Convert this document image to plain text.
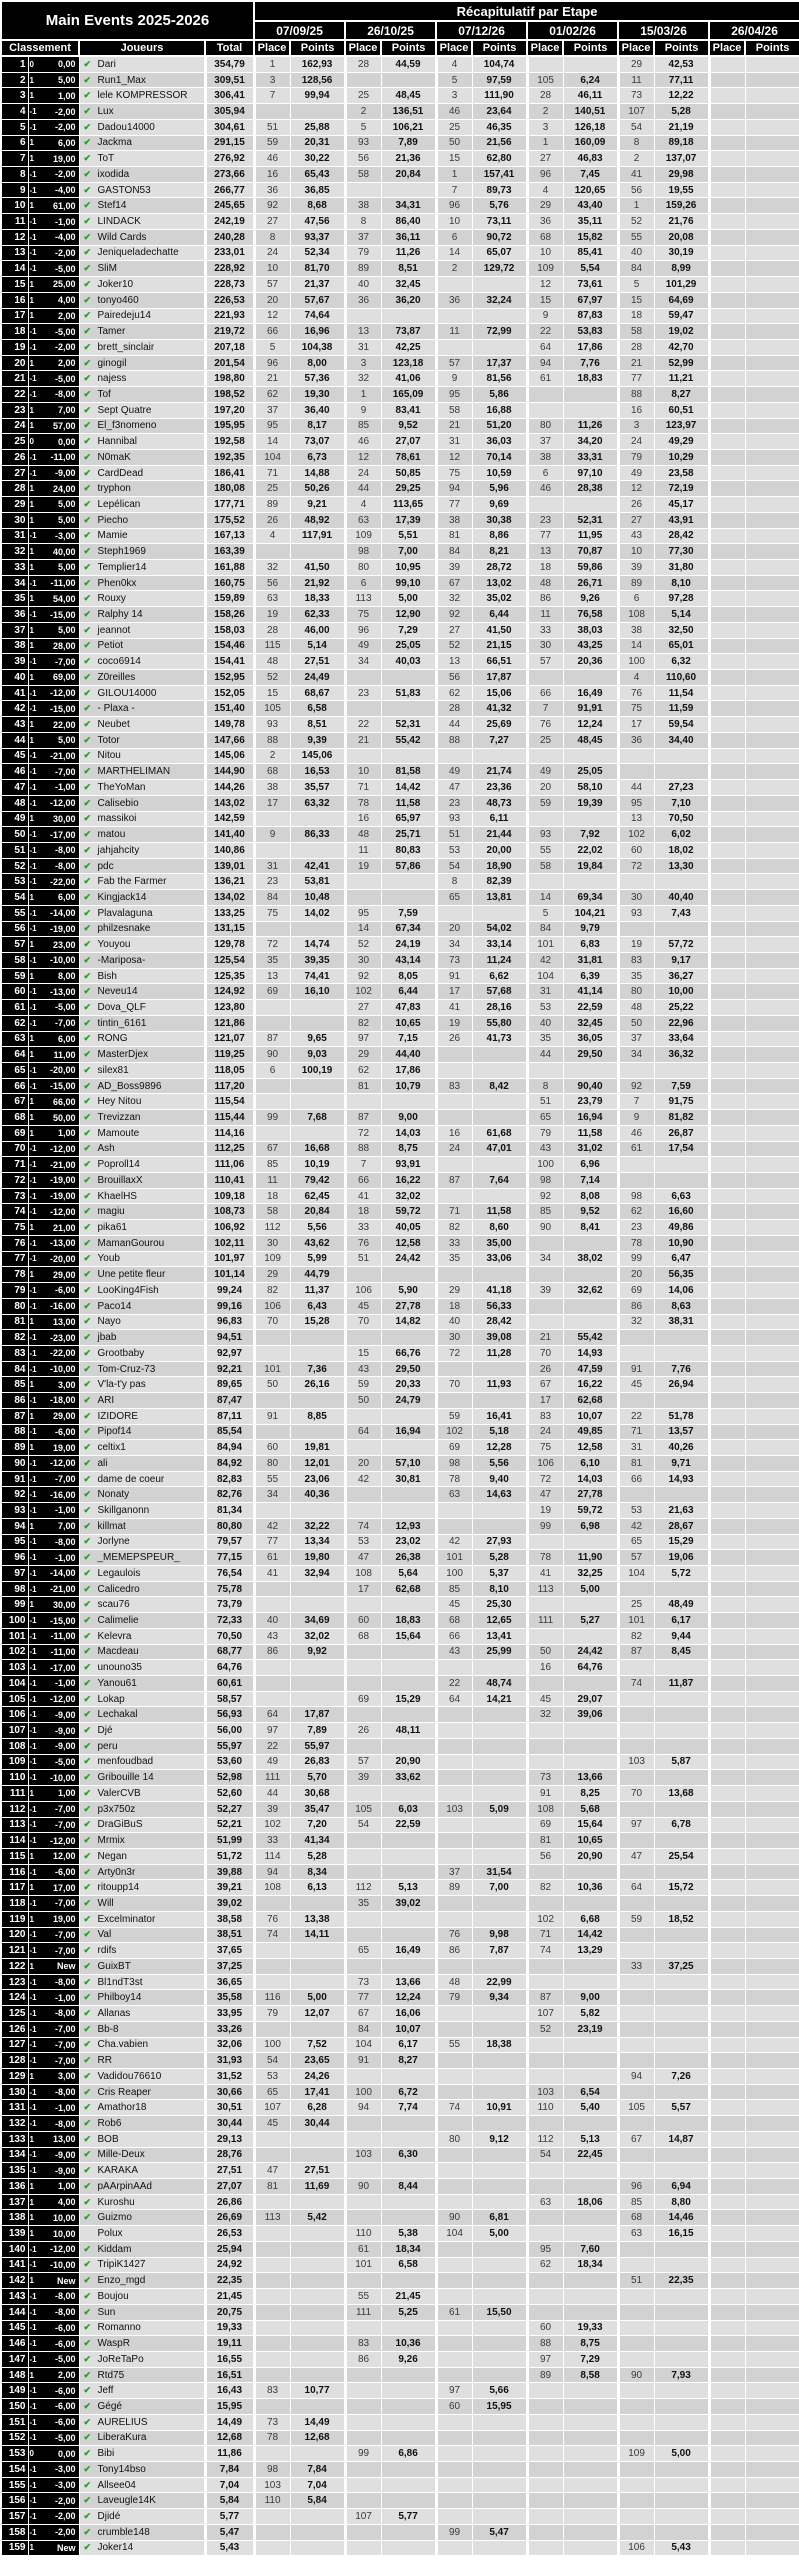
Main Events 2025-2026					Récapitulatif par Etape											
					07/09/25		26/10/25		07/12/26		01/02/26		15/03/26		26/04/26	
Classement			Joueurs	Total	Place	Points	Place	Points	Place	Points	Place	Points	Place	Points	Place	Points
1	0	0,00	✔ Dari	354,79	1	162,93	28	44,59	4	104,74			29	42,53		
2	1	5,00	✔ Run1_Max	309,51	3	128,56			5	97,59	105	6,24	11	77,11		
3	1	1,00	✔ lele KOMPRESSOR	306,41	7	99,94	25	48,45	3	111,90	28	46,11	73	12,22		
4	-1	-2,00	✔ Lux	305,94			2	136,51	46	23,64	2	140,51	107	5,28		
5	-1	-2,00	✔ Dadou14000	304,61	51	25,88	5	106,21	25	46,35	3	126,18	54	21,19		
6	1	6,00	✔ Jackma	291,15	59	20,31	93	7,89	50	21,56	1	160,09	8	89,18		
7	1	19,00	✔ ToT	276,92	46	30,22	56	21,36	15	62,80	27	46,83	2	137,07		
8	-1	-2,00	✔ ixodida	273,66	16	65,43	58	20,84	1	157,41	96	7,45	41	29,98		
9	-1	-4,00	✔ GASTON53	266,77	36	36,85			7	89,73	4	120,65	56	19,55		
10	1	61,00	✔ Stef14	245,65	92	8,68	38	34,31	96	5,76	29	43,40	1	159,26		
11	-1	-1,00	✔ LINDACK	242,19	27	47,56	8	86,40	10	73,11	36	35,11	52	21,76		
12	-1	-4,00	✔ Wild Cards	240,28	8	93,37	37	36,11	6	90,72	68	15,82	55	20,08		
13	-1	-2,00	✔ Jeniqueladechatte	233,01	24	52,34	79	11,26	14	65,07	10	85,41	40	30,19		
14	-1	-5,00	✔ SliM	228,92	10	81,70	89	8,51	2	129,72	109	5,54	84	8,99		
15	1	25,00	✔ Joker10	228,73	57	21,37	40	32,45			12	73,61	5	101,29		
16	1	4,00	✔ tonyo460	226,53	20	57,67	36	36,20	36	32,24	15	67,97	15	64,69		
17	1	2,00	✔ Pairedeju14	221,93	12	74,64					9	87,83	18	59,47		
18	-1	-5,00	✔ Tamer	219,72	66	16,96	13	73,87	11	72,99	22	53,83	58	19,02		
19	-1	-2,00	✔ brett_sinclair	207,18	5	104,38	31	42,25			64	17,86	28	42,70		
20	1	2,00	✔ ginogil	201,54	96	8,00	3	123,18	57	17,37	94	7,76	21	52,99		
21	-1	-5,00	✔ najess	198,80	21	57,36	32	41,06	9	81,56	61	18,83	77	11,21		
22	-1	-8,00	✔ Tof	198,52	62	19,30	1	165,09	95	5,86			88	8,27		
23	1	7,00	✔ Sept Quatre	197,20	37	36,40	9	83,41	58	16,88			16	60,51		
24	1	57,00	✔ El_f3nomeno	195,95	95	8,17	85	9,52	21	51,20	80	11,26	3	123,97		
25	0	0,00	✔ Hannibal	192,58	14	73,07	46	27,07	31	36,03	37	34,20	24	49,29		
26	-1	-11,00	✔ N0maK	192,35	104	6,73	12	78,61	12	70,14	38	33,31	79	10,29		
27	-1	-9,00	✔ CardDead	186,41	71	14,88	24	50,85	75	10,59	6	97,10	49	23,58		
28	1	24,00	✔ tryphon	180,08	25	50,26	44	29,25	94	5,96	46	28,38	12	72,19		
29	1	5,00	✔ Lepélican	177,71	89	9,21	4	113,65	77	9,69			26	45,17		
30	1	5,00	✔ Piecho	175,52	26	48,92	63	17,39	38	30,38	23	52,31	27	43,91		
31	-1	-3,00	✔ Mamie	167,13	4	117,91	109	5,51	81	8,86	77	11,95	43	28,42		
32	1	40,00	✔ Steph1969	163,39			98	7,00	84	8,21	13	70,87	10	77,30		
33	1	5,00	✔ Templier14	161,88	32	41,50	80	10,95	39	28,72	18	59,86	39	31,80		
34	-1	-11,00	✔ Phen0kx	160,75	56	21,92	6	99,10	67	13,02	48	26,71	89	8,10		
35	1	54,00	✔ Rouxy	159,89	63	18,33	113	5,00	32	35,02	86	9,26	6	97,28		
36	-1	-15,00	✔ Ralphy 14	158,26	19	62,33	75	12,90	92	6,44	11	76,58	108	5,14		
37	1	5,00	✔ jeannot	158,03	28	46,00	96	7,29	27	41,50	33	38,03	38	32,50		
38	1	28,00	✔ Petiot	154,46	115	5,14	49	25,05	52	21,15	30	43,25	14	65,01		
39	-1	-7,00	✔ coco6914	154,41	48	27,51	34	40,03	13	66,51	57	20,36	100	6,32		
40	1	69,00	✔ Z0reilles	152,95	52	24,49			56	17,87			4	110,60		
41	-1	-12,00	✔ GILOU14000	152,05	15	68,67	23	51,83	62	15,06	66	16,49	76	11,54		
42	-1	-15,00	✔ - Plaxa -	151,40	105	6,58			28	41,32	7	91,91	75	11,59		
43	1	22,00	✔ Neubet	149,78	93	8,51	22	52,31	44	25,69	76	12,24	17	59,54		
44	1	5,00	✔ Totor	147,66	88	9,39	21	55,42	88	7,27	25	48,45	36	34,40		
45	-1	-21,00	✔ Nitou	145,06	2	145,06										
46	-1	-7,00	✔ MARTHELIMAN	144,90	68	16,53	10	81,58	49	21,74	49	25,05				
47	-1	-1,00	✔ TheYoMan	144,26	38	35,57	71	14,42	47	23,36	20	58,10	44	27,23		
48	-1	-12,00	✔ Calisebio	143,02	17	63,32	78	11,58	23	48,73	59	19,39	95	7,10		
49	1	30,00	✔ massikoi	142,59			16	65,97	93	6,11			13	70,50		
50	-1	-17,00	✔ matou	141,40	9	86,33	48	25,71	51	21,44	93	7,92	102	6,02		
51	-1	-8,00	✔ jahjahcity	140,86			11	80,83	53	20,00	55	22,02	60	18,02		
52	-1	-8,00	✔ pdc	139,01	31	42,41	19	57,86	54	18,90	58	19,84	72	13,30		
53	-1	-22,00	✔ Fab the Farmer	136,21	23	53,81			8	82,39						
54	1	6,00	✔ Kingjack14	134,02	84	10,48			65	13,81	14	69,34	30	40,40		
55	-1	-14,00	✔ Plavalaguna	133,25	75	14,02	95	7,59			5	104,21	93	7,43		
56	-1	-19,00	✔ philzesnake	131,15			14	67,34	20	54,02	84	9,79				
57	1	23,00	✔ Youyou	129,78	72	14,74	52	24,19	34	33,14	101	6,83	19	57,72		
58	-1	-10,00	✔ -Mariposa-	125,54	35	39,35	30	43,14	73	11,24	42	31,81	83	9,17		
59	1	8,00	✔ Bish	125,35	13	74,41	92	8,05	91	6,62	104	6,39	35	36,27		
60	-1	-13,00	✔ Neveu14	124,92	69	16,10	102	6,44	17	57,68	31	41,14	80	10,00		
61	-1	-5,00	✔ Dova_QLF	123,80			27	47,83	41	28,16	53	22,59	48	25,22		
62	-1	-7,00	✔ tintin_6161	121,86			82	10,65	19	55,80	40	32,45	50	22,96		
63	1	6,00	✔ RONG	121,07	87	9,65	97	7,15	26	41,73	35	36,05	37	33,64		
64	1	11,00	✔ MasterDjex	119,25	90	9,03	29	44,40			44	29,50	34	36,32		
65	-1	-20,00	✔ silex81	118,05	6	100,19	62	17,86								
66	-1	-15,00	✔ AD_Boss9896	117,20			81	10,79	83	8,42	8	90,40	92	7,59		
67	1	66,00	✔ Hey Nitou	115,54							51	23,79	7	91,75		
68	1	50,00	✔ Trevizzan	115,44	99	7,68	87	9,00			65	16,94	9	81,82		
69	1	1,00	✔ Mamoute	114,16			72	14,03	16	61,68	79	11,58	46	26,87		
70	-1	-12,00	✔ Ash	112,25	67	16,68	88	8,75	24	47,01	43	31,02	61	17,54		
71	-1	-21,00	✔ Poproll14	111,06	85	10,19	7	93,91			100	6,96				
72	-1	-19,00	✔ BrouillaxX	110,41	11	79,42	66	16,22	87	7,64	98	7,14				
73	-1	-19,00	✔ KhaelHS	109,18	18	62,45	41	32,02			92	8,08	98	6,63		
74	-1	-12,00	✔ magiu	108,73	58	20,84	18	59,72	71	11,58	85	9,52	62	16,60		
75	1	21,00	✔ pika61	106,92	112	5,56	33	40,05	82	8,60	90	8,41	23	49,86		
76	-1	-13,00	✔ MamanGourou	102,11	30	43,62	76	12,58	33	35,00			78	10,90		
77	-1	-20,00	✔ Youb	101,97	109	5,99	51	24,42	35	33,06	34	38,02	99	6,47		
78	1	29,00	✔ Une petite fleur	101,14	29	44,79							20	56,35		
79	-1	-6,00	✔ LooKing4Fish	99,24	82	11,37	106	5,90	29	41,18	39	32,62	69	14,06		
80	-1	-16,00	✔ Paco14	99,16	106	6,43	45	27,78	18	56,33			86	8,63		
81	1	13,00	✔ Nayo	96,83	70	15,28	70	14,82	40	28,42			32	38,31		
82	-1	-23,00	✔ jbab	94,51					30	39,08	21	55,42				
83	-1	-22,00	✔ Grootbaby	92,97			15	66,76	72	11,28	70	14,93				
84	-1	-10,00	✔ Tom-Cruz-73	92,21	101	7,36	43	29,50			26	47,59	91	7,76		
85	1	3,00	✔ V'la-t'y pas	89,65	50	26,16	59	20,33	70	11,93	67	16,22	45	26,94		
86	-1	-18,00	✔ ARI	87,47			50	24,79			17	62,68				
87	1	29,00	✔ IZIDORE	87,11	91	8,85			59	16,41	83	10,07	22	51,78		
88	-1	-6,00	✔ Pipof14	85,54			64	16,94	102	5,18	24	49,85	71	13,57		
89	1	19,00	✔ celtix1	84,94	60	19,81			69	12,28	75	12,58	31	40,26		
90	-1	-12,00	✔ ali	84,92	80	12,01	20	57,10	98	5,56	106	6,10	81	9,71		
91	-1	-7,00	✔ dame de coeur	82,83	55	23,06	42	30,81	78	9,40	72	14,03	66	14,93		
92	-1	-16,00	✔ Nonaty	82,76	34	40,36			63	14,63	47	27,78				
93	-1	-1,00	✔ Skillganonn	81,34							19	59,72	53	21,63		
94	1	7,00	✔ killmat	80,80	42	32,22	74	12,93			99	6,98	42	28,67		
95	-1	-8,00	✔ Jorlyne	79,57	77	13,34	53	23,02	42	27,93			65	15,29		
96	-1	-1,00	✔ _MEMEPSPEUR_	77,15	61	19,80	47	26,38	101	5,28	78	11,90	57	19,06		
97	-1	-14,00	✔ Legaulois	76,54	41	32,94	108	5,64	100	5,37	41	32,25	104	5,72		
98	-1	-21,00	✔ Calicedro	75,78			17	62,68	85	8,10	113	5,00				
99	1	30,00	✔ scau76	73,79					45	25,30			25	48,49		
100	-1	-15,00	✔ Calimelie	72,33	40	34,69	60	18,83	68	12,65	111	5,27	101	6,17		
101	-1	-11,00	✔ Kelevra	70,50	43	32,02	68	15,64	66	13,41			82	9,44		
102	-1	-11,00	✔ Macdeau	68,77	86	9,92			43	25,99	50	24,42	87	8,45		
103	-1	-17,00	✔ unouno35	64,76							16	64,76				
104	-1	-1,00	✔ Yanou61	60,61					22	48,74			74	11,87		
105	-1	-12,00	✔ Lokap	58,57			69	15,29	64	14,21	45	29,07				
106	-1	-9,00	✔ Lechakal	56,93	64	17,87					32	39,06				
107	-1	-9,00	✔ Djé	56,00	97	7,89	26	48,11								
108	-1	-9,00	✔ peru	55,97	22	55,97										
109	-1	-5,00	✔ menfoudbad	53,60	49	26,83	57	20,90					103	5,87		
110	-1	-10,00	✔ Gribouille 14	52,98	111	5,70	39	33,62			73	13,66				
111	1	1,00	✔ ValerCVB	52,60	44	30,68					91	8,25	70	13,68		
112	-1	-7,00	✔ p3x750z	52,27	39	35,47	105	6,03	103	5,09	108	5,68				
113	-1	-7,00	✔ DraGiBuS	52,21	102	7,20	54	22,59			69	15,64	97	6,78		
114	-1	-12,00	✔ Mrmix	51,99	33	41,34					81	10,65				
115	1	12,00	✔ Negan	51,72	114	5,28					56	20,90	47	25,54		
116	-1	-6,00	✔ Arty0n3r	39,88	94	8,34			37	31,54						
117	1	17,00	✔ ritoupp14	39,21	108	6,13	112	5,13	89	7,00	82	10,36	64	15,72		
118	-1	-7,00	✔ Will	39,02			35	39,02								
119	1	19,00	✔ Excelminator	38,58	76	13,38					102	6,68	59	18,52		
120	-1	-7,00	✔ Val	38,51	74	14,11			76	9,98	71	14,42				
121	-1	-7,00	✔ rdifs	37,65			65	16,49	86	7,87	74	13,29				
122	1	New	✔ GuixBT	37,25									33	37,25		
123	-1	-8,00	✔ Bl1ndT3st	36,65			73	13,66	48	22,99						
124	-1	-1,00	✔ Philboy14	35,58	116	5,00	77	12,24	79	9,34	87	9,00				
125	-1	-8,00	✔ Allanas	33,95	79	12,07	67	16,06			107	5,82				
126	-1	-7,00	✔ Bb-8	33,26			84	10,07			52	23,19				
127	-1	-7,00	✔ Cha.vabien	32,06	100	7,52	104	6,17	55	18,38						
128	-1	-7,00	✔ RR	31,93	54	23,65	91	8,27								
129	1	3,00	✔ Vadidou76610	31,52	53	24,26							94	7,26		
130	-1	-8,00	✔ Cris Reaper	30,66	65	17,41	100	6,72			103	6,54				
131	-1	-1,00	✔ Amathor18	30,51	107	6,28	94	7,74	74	10,91	110	5,40	105	5,57		
132	-1	-8,00	✔ Rob6	30,44	45	30,44										
133	1	13,00	✔ BOB	29,13					80	9,12	112	5,13	67	14,87		
134	-1	-9,00	✔ Mille-Deux	28,76			103	6,30			54	22,45				
135	-1	-9,00	✔ KARAKA	27,51	47	27,51										
136	1	1,00	✔ pAArpinAAd	27,07	81	11,69	90	8,44					96	6,94		
137	1	4,00	✔ Kuroshu	26,86							63	18,06	85	8,80		
138	1	10,00	✔ Guizmo	26,69	113	5,42			90	6,81			68	14,46		
139	1	10,00	Polux	26,53			110	5,38	104	5,00			63	16,15		
140	-1	-12,00	✔ Kiddam	25,94			61	18,34			95	7,60				
141	-1	-10,00	✔ TripiK1427	24,92			101	6,58			62	18,34				
142	1	New	✔ Enzo_mgd	22,35									51	22,35		
143	-1	-8,00	✔ Boujou	21,45			55	21,45								
144	-1	-8,00	✔ Sun	20,75			111	5,25	61	15,50						
145	-1	-6,00	✔ Romanno	19,33							60	19,33				
146	-1	-6,00	✔ WaspR	19,11			83	10,36			88	8,75				
147	-1	-5,00	✔ JoReTaPo	16,55			86	9,26			97	7,29				
148	1	2,00	✔ Rtd75	16,51							89	8,58	90	7,93		
149	-1	-6,00	✔ Jeff	16,43	83	10,77			97	5,66						
150	-1	-6,00	✔ Gégé	15,95					60	15,95						
151	-1	-6,00	✔ AURELIUS	14,49	73	14,49										
152	-1	-5,00	✔ LiberaKura	12,68	78	12,68										
153	0	0,00	✔ Bibi	11,86			99	6,86					109	5,00		
154	-1	-3,00	✔ Tony14bso	7,84	98	7,84										
155	-1	-3,00	✔ Allsee04	7,04	103	7,04										
156	-1	-2,00	✔ Laveugle14K	5,84	110	5,84										
157	-1	-2,00	✔ Djidé	5,77			107	5,77								
158	-1	-2,00	✔ crumble148	5,47					99	5,47						
159	1	New	✔ Joker14	5,43									106	5,43		
